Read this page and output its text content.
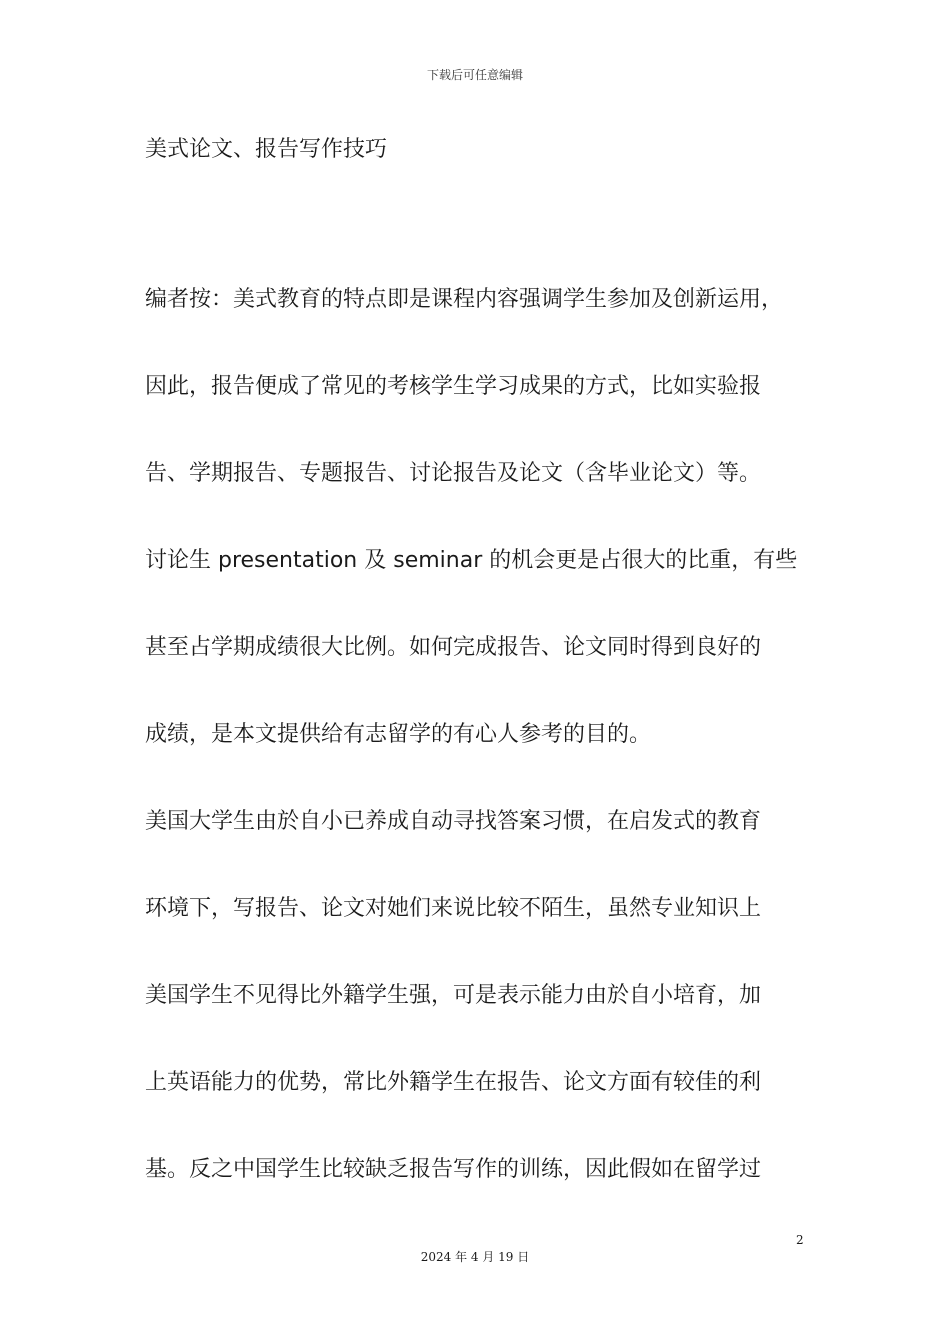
下载后可任意编辑
美式论文、报告写作技巧
编者按：美式教育的特点即是课程内容强调学生参加及创新运用，
因此，报告便成了常见的考核学生学习成果的方式，比如实验报
告、学期报告、专题报告、讨论报告及论文（含毕业论文）等。
讨论生 presentation 及 seminar 的机会更是占很大的比重，有些
甚至占学期成绩很大比例。如何完成报告、论文同时得到良好的
成绩，是本文提供给有志留学的有心人参考的目的。
美国大学生由於自小已养成自动寻找答案习惯，在启发式的教育
环境下，写报告、论文对她们来说比较不陌生，虽然专业知识上
美国学生不见得比外籍学生强，可是表示能力由於自小培育，加
上英语能力的优势，常比外籍学生在报告、论文方面有较佳的利
基。反之中国学生比较缺乏报告写作的训练，因此假如在留学过
2
2024 年 4 月 19 日
